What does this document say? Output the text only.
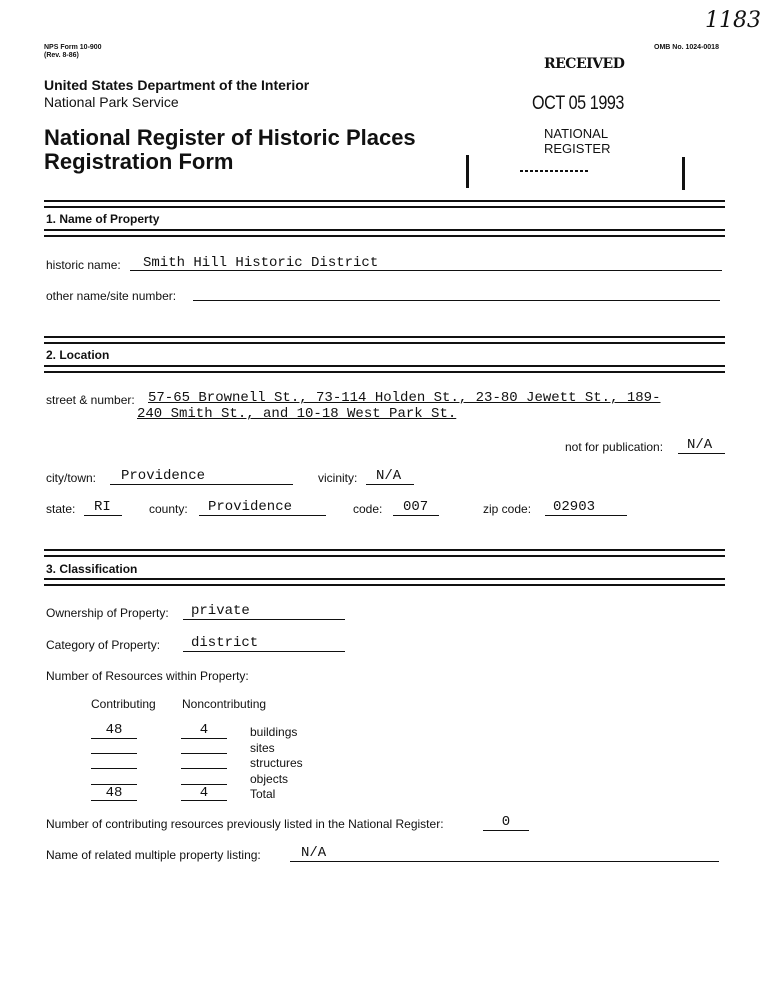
NPS Form 10-900
(Rev. 8-86)
OMB No. 1024-0018
1183
United States Department of the Interior
National Park Service
National Register of Historic Places
Registration Form
RECEIVED
OCT 05 1993
NATIONAL
REGISTER
1. Name of Property
historic name: Smith Hill Historic District
other name/site number:
2. Location
street & number: 57-65 Brownell St., 73-114 Holden St., 23-80 Jewett St., 189-
240 Smith St., and 10-18 West Park St.
not for publication: N/A
city/town: Providence	vicinity: N/A
state: RI	county: Providence	code: 007	zip code: 02903
3. Classification
Ownership of Property: private
Category of Property: district
Number of Resources within Property:
Contributing Noncontributing
48	4	buildings
sites
structures
objects
48	4	Total
Number of contributing resources previously listed in the National Register:	0
Name of related multiple property listing:	N/A
